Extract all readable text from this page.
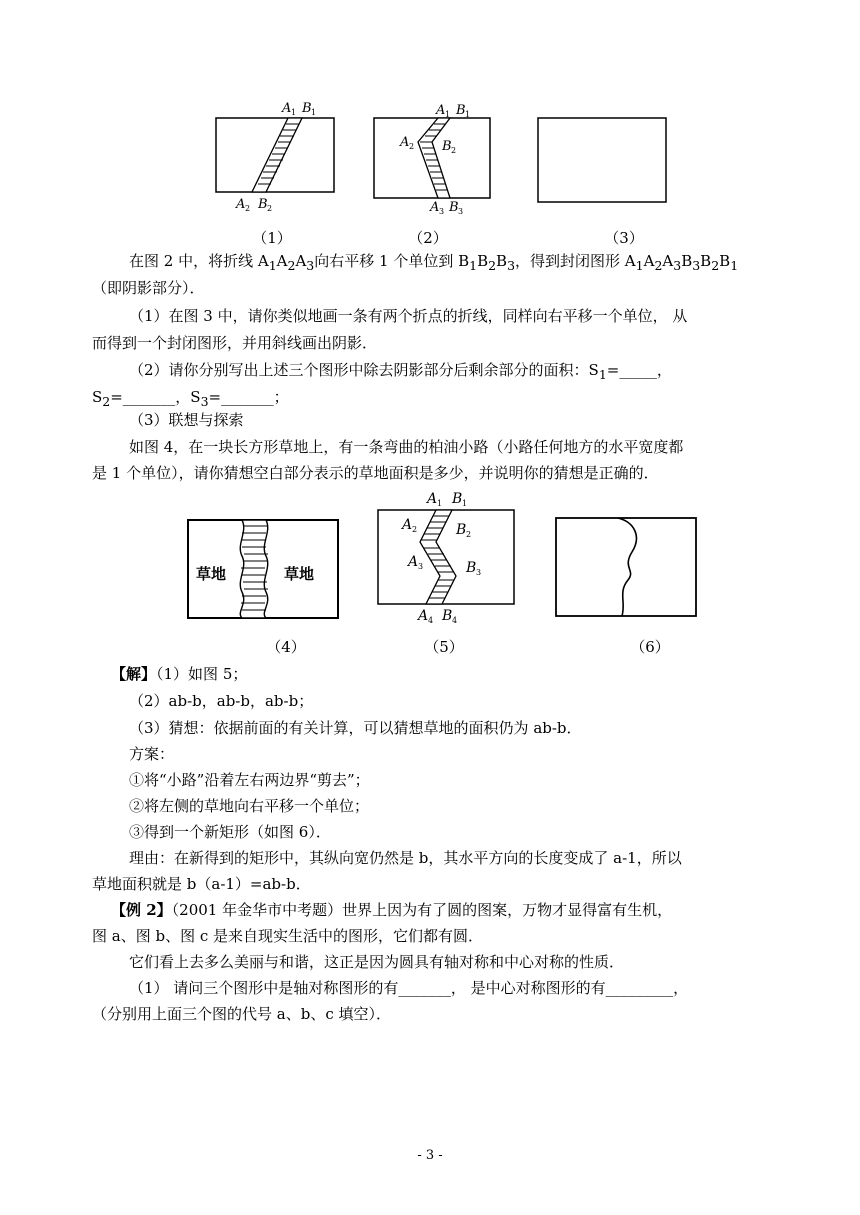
A 1 B 1
A 2 B 2
A 1 B 1
A 2 B 2
A 3 B 3
（1）	（2）	（3）
在图 2 中，将折线 $A_1A_2A_3$向右平移 1 个单位到 $B_1B_2B_3$，得到封闭图形 $A_1A_2A_3B_3B_2B_1$
（即阴影部分）．
（1）在图 3 中，请你类似地画一条有两个折点的折线，同样向右平移一个单位， 从
而得到一个封闭图形，并用斜线画出阴影．
（2）请你分别写出上述三个图形中除去阴影部分后剩余部分的面积：$S_1=\_\_\_\_\_$，
$S_2=\_\_\_\_\_\_\_$，$S_3=\_\_\_\_\_\_\_$；
（3）联想与探索
如图 4，在一块长方形草地上，有一条弯曲的柏油小路（小路任何地方的水平宽度都
是 1 个单位），请你猜想空白部分表示的草地面积是多少，并说明你的猜想是正确的．
草地	草地
A 1 B 1
A 2	B 2
A 3	B 3
A 4 B 4
（4）	（5）	（6）
【解】（1）如图 5；
（2）ab-b，ab-b，ab-b；
（3）猜想：依据前面的有关计算，可以猜想草地的面积仍为 ab-b．
方案：
①将“小路”沿着左右两边界“剪去”；
②将左侧的草地向右平移一个单位；
③得到一个新矩形（如图 6）．
理由：在新得到的矩形中，其纵向宽仍然是 b，其水平方向的长度变成了 a-1，所以
草地面积就是 b（a-1）=ab-b．
【例 2】（2001 年金华市中考题）世界上因为有了圆的图案，万物才显得富有生机，
图 a、图 b、图 c 是来自现实生活中的图形，它们都有圆．
它们看上去多么美丽与和谐，这正是因为圆具有轴对称和中心对称的性质．
（1） 请问三个图形中是轴对称图形的有_______， 是中心对称图形的有_________，
（分别用上面三个图的代号 a、b、c 填空）．
- 3 -
